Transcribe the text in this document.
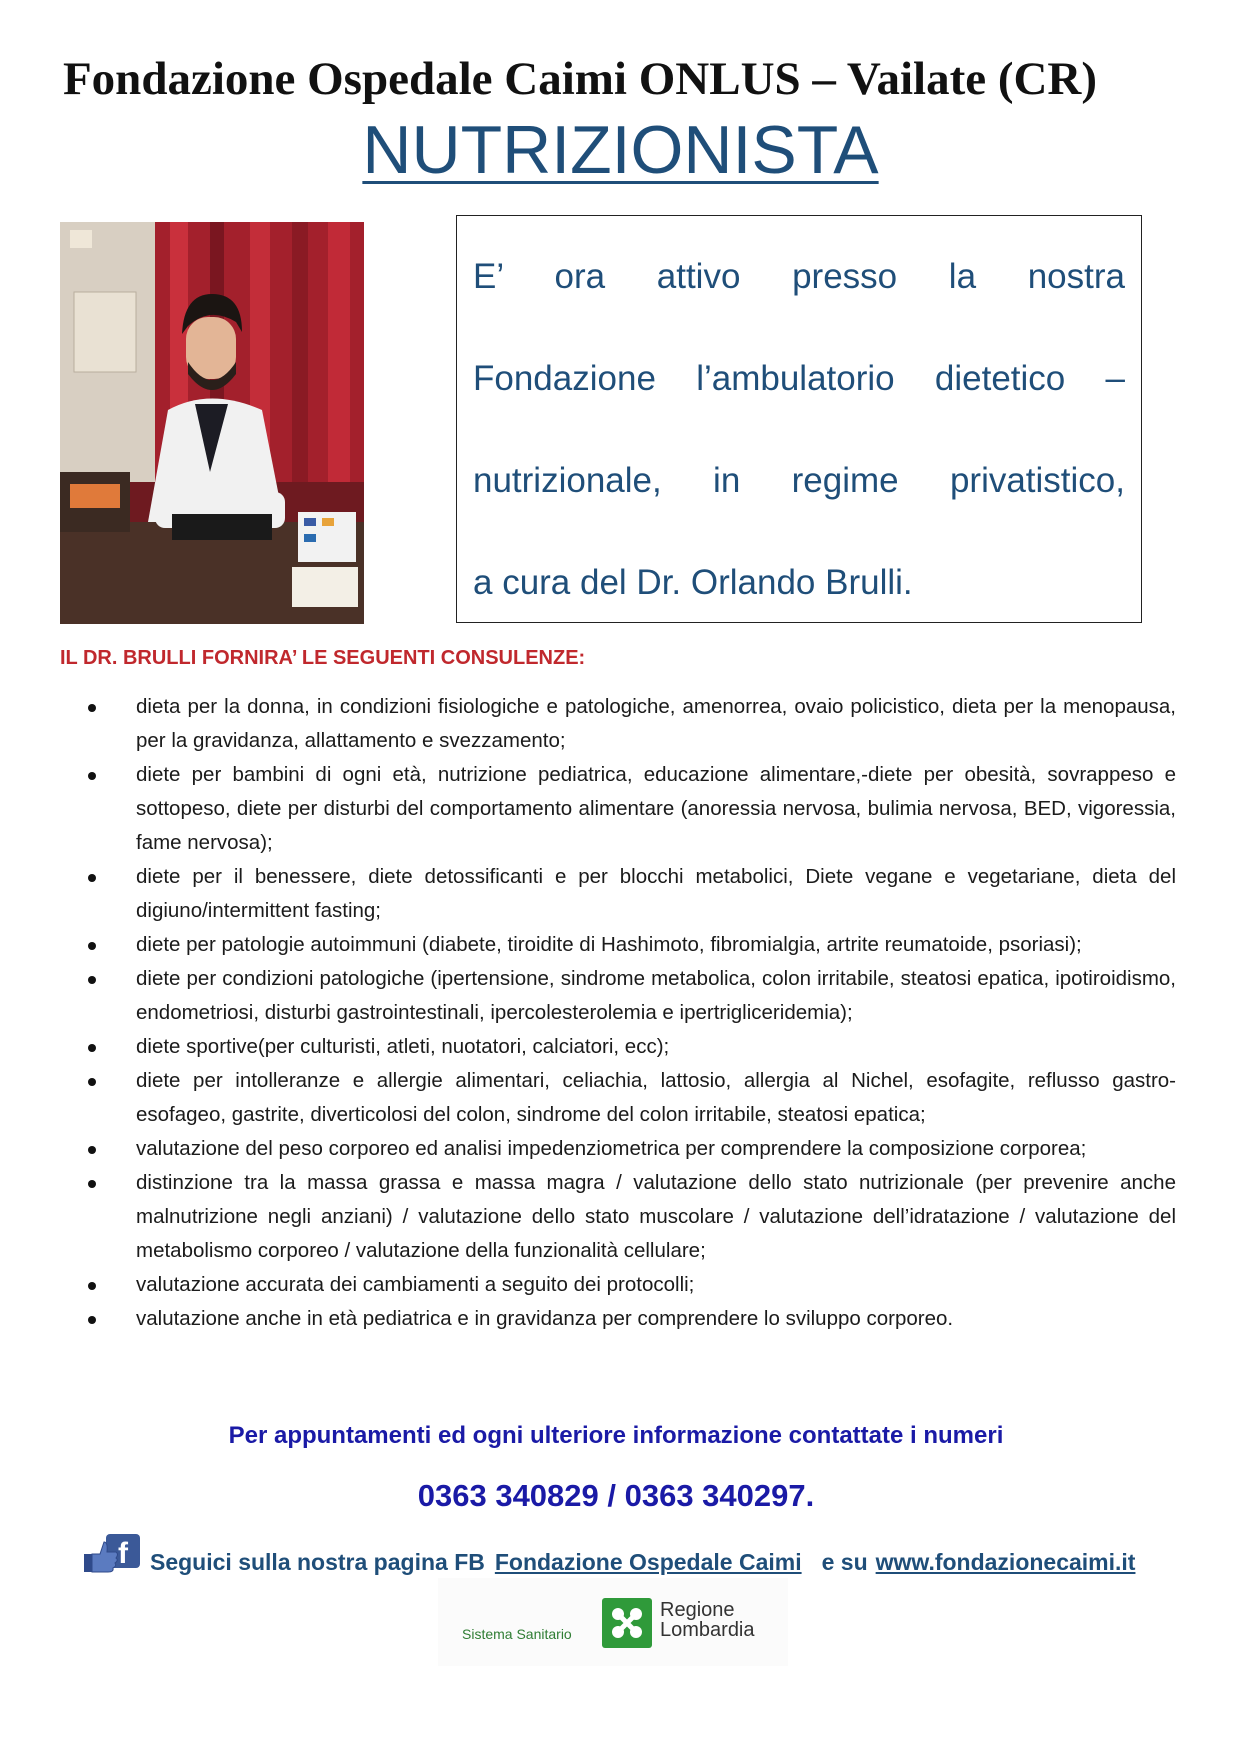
Fondazione Ospedale Caimi ONLUS – Vailate (CR)
NUTRIZIONISTA
E’ ora attivo presso la nostra
Fondazione l’ambulatorio dietetico –
nutrizionale, in regime privatistico,
a cura del Dr. Orlando Brulli.
IL DR. BRULLI FORNIRA’ LE SEGUENTI CONSULENZE:
dieta per la donna, in condizioni fisiologiche e patologiche, amenorrea, ovaio policistico, dieta per la menopausa, per la gravidanza, allattamento e svezzamento;
diete per bambini di ogni età, nutrizione pediatrica, educazione alimentare,-diete per obesità, sovrappeso e sottopeso, diete per disturbi del comportamento alimentare (anoressia nervosa, bulimia nervosa, BED, vigoressia, fame nervosa);
diete per il benessere, diete detossificanti e per blocchi metabolici, Diete vegane e vegetariane, dieta del digiuno/intermittent fasting;
diete per patologie autoimmuni (diabete, tiroidite di Hashimoto, fibromialgia, artrite reumatoide, psoriasi);
diete per condizioni patologiche (ipertensione, sindrome metabolica, colon irritabile, steatosi epatica, ipotiroidismo, endometriosi, disturbi gastrointestinali, ipercolesterolemia e ipertrigliceridemia);
diete sportive(per culturisti, atleti, nuotatori, calciatori, ecc);
diete per intolleranze e allergie alimentari, celiachia, lattosio, allergia al Nichel, esofagite, reflusso gastro-esofageo, gastrite, diverticolosi del colon, sindrome del colon irritabile, steatosi epatica;
valutazione del peso corporeo ed analisi impedenziometrica per comprendere la composizione corporea;
distinzione tra la massa grassa e massa magra / valutazione dello stato nutrizionale (per prevenire anche malnutrizione negli anziani) / valutazione dello stato muscolare / valutazione dell’idratazione / valutazione del metabolismo corporeo / valutazione della funzionalità cellulare;
valutazione accurata dei cambiamenti a seguito dei protocolli;
valutazione anche in età pediatrica e in gravidanza per comprendere lo sviluppo corporeo.
Per appuntamenti ed ogni ulteriore informazione contattate i numeri
0363 340829 / 0363 340297.
f Seguici sulla nostra pagina FB Fondazione Ospedale Caimi e su www.fondazionecaimi.it
Sistema Sanitario
Regione
Lombardia
